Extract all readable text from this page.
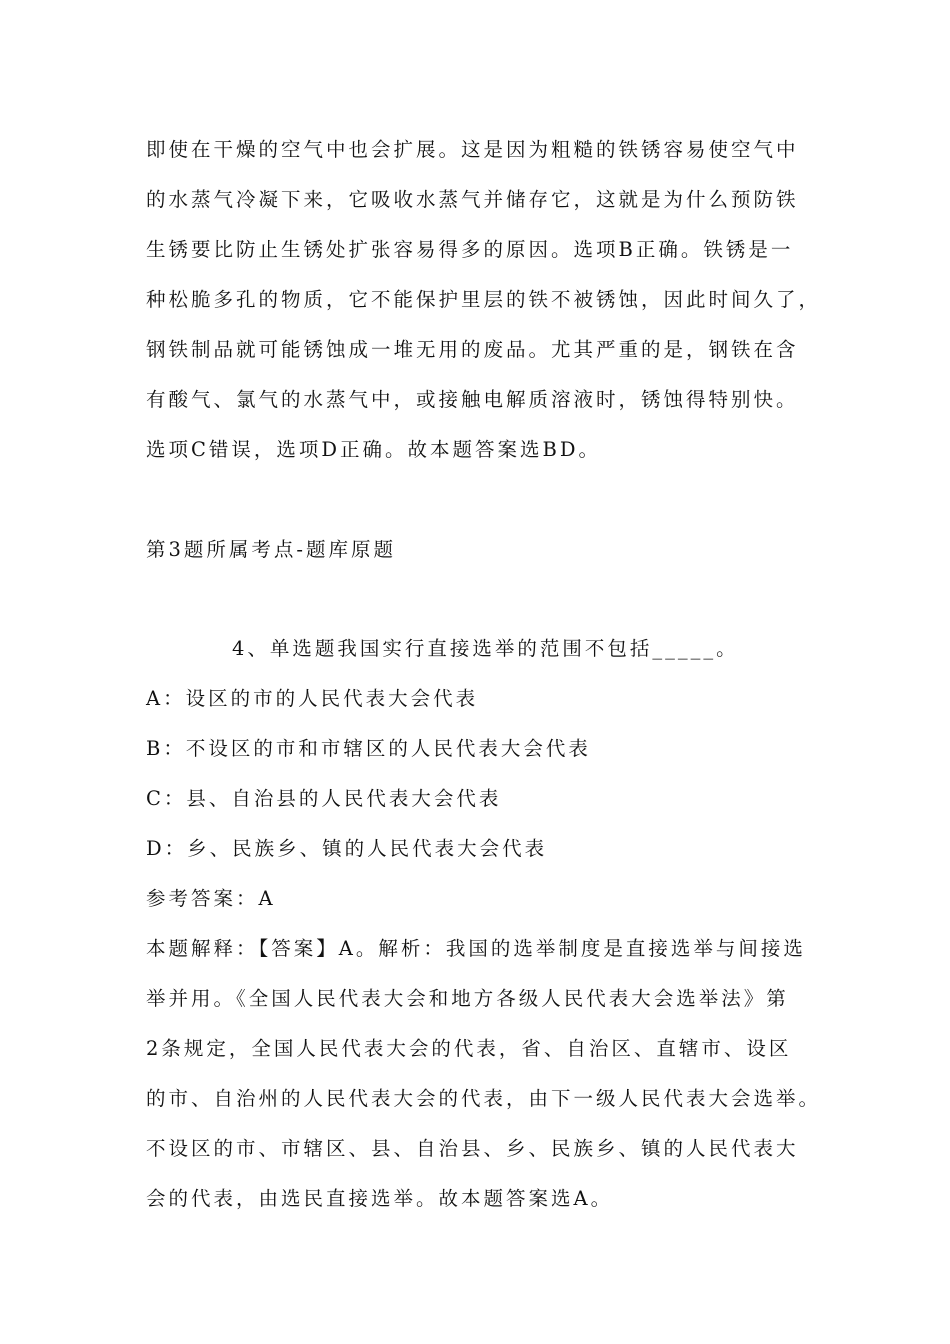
即使在干燥的空气中也会扩展。这是因为粗糙的铁锈容易使空气中
的水蒸气冷凝下来，它吸收水蒸气并储存它，这就是为什么预防铁
生锈要比防止生锈处扩张容易得多的原因。选项B正确。铁锈是一
种松脆多孔的物质，它不能保护里层的铁不被锈蚀，因此时间久了，
钢铁制品就可能锈蚀成一堆无用的废品。尤其严重的是，钢铁在含
有酸气、氯气的水蒸气中，或接触电解质溶液时，锈蚀得特别快。
选项C错误，选项D正确。故本题答案选BD。
第3题所属考点-题库原题
4、单选题我国实行直接选举的范围不包括_____。
A：设区的市的人民代表大会代表
B：不设区的市和市辖区的人民代表大会代表
C：县、自治县的人民代表大会代表
D：乡、民族乡、镇的人民代表大会代表
参考答案：A
本题解释：【答案】A。解析：我国的选举制度是直接选举与间接选
举并用。《全国人民代表大会和地方各级人民代表大会选举法》第
2条规定，全国人民代表大会的代表，省、自治区、直辖市、设区
的市、自治州的人民代表大会的代表，由下一级人民代表大会选举。
不设区的市、市辖区、县、自治县、乡、民族乡、镇的人民代表大
会的代表，由选民直接选举。故本题答案选A。
